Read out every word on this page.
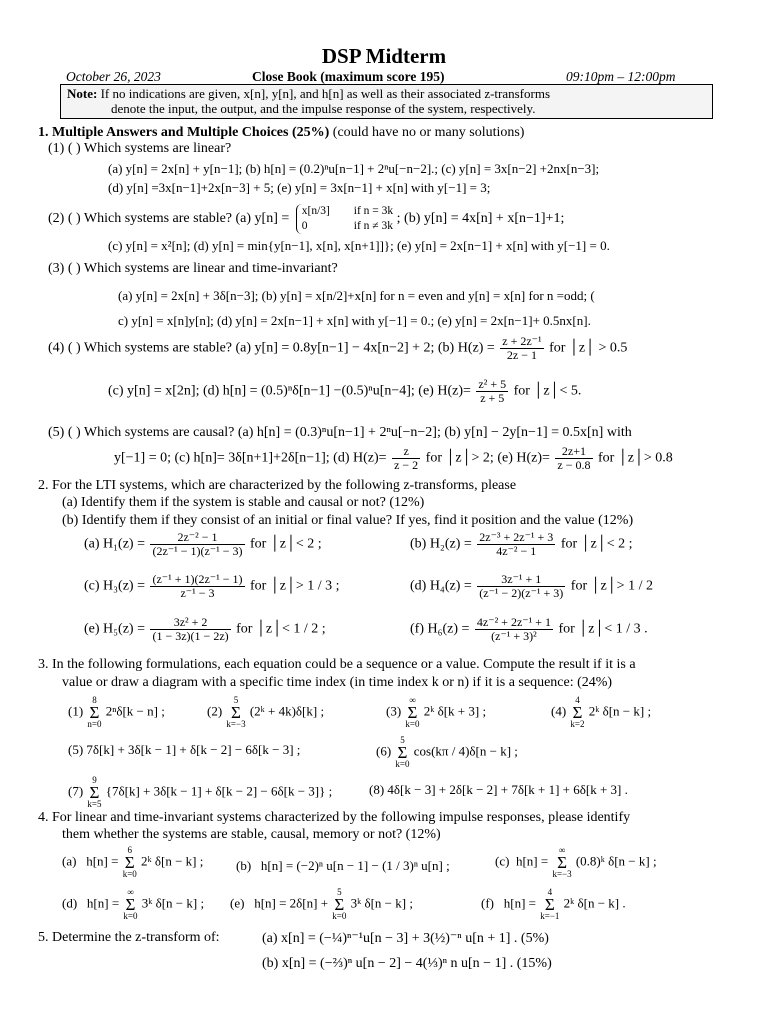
DSP Midterm
October 26, 2023	Close Book (maximum score 195)	09:10pm – 12:00pm
Note: If no indications are given, x[n], y[n], and h[n] as well as their associated z-transforms
denote the input, the output, and the impulse response of the system, respectively.
1. Multiple Answers and Multiple Choices (25%) (could have no or many solutions)
(1) ( ) Which systems are linear?
(a) y[n] = 2x[n] + y[n−1]; (b) h[n] = (0.2)ⁿu[n−1] + 2ⁿu[−n−2].; (c) y[n] = 3x[n−2] +2nx[n−3];
(d) y[n] =3x[n−1]+2x[n−3] + 5; (e) y[n] = 3x[n−1] + x[n] with y[−1] = 3;
(2) ( ) Which systems are stable? (a) y[n] = x[n/3] if n = 3k
0	if n ≠ 3k ; (b) y[n] = 4x[n] + x[n−1]+1;
(c) y[n] = x²[n]; (d) y[n] = min{y[n−1], x[n], x[n+1]]}; (e) y[n] = 2x[n−1] + x[n] with y[−1] = 0.
(3) ( ) Which systems are linear and time-invariant?
(a) y[n] = 2x[n] + 3δ[n−3]; (b) y[n] = x[n/2]+x[n] for n = even and y[n] = x[n] for n =odd; (
c) y[n] = x[n]y[n]; (d) y[n] = 2x[n−1] + x[n] with y[−1] = 0.; (e) y[n] = 2x[n−1]+ 0.5nx[n].
(4) ( ) Which systems are stable? (a) y[n] = 0.8y[n−1] − 4x[n−2] + 2; (b) $H(z) = \frac{\text{z + 2z⁻¹}}{2z - 1}$ for │z│ > 0.5
(c) y[n] = x[2n]; (d) h[n] = (0.5)ⁿδ[n−1] −(0.5)ⁿu[n−4]; (e) $H(z)= \frac{\text{z² + 5}}{z + 5}$ for │z│< 5.
(5) ( ) Which systems are causal? (a) h[n] = (0.3)ⁿu[n−1] + 2ⁿu[−n−2]; (b) y[n] − 2y[n−1] = 0.5x[n] with
y[−1] = 0; (c) h[n]= 3δ[n+1]+2δ[n−1]; (d) $H(z)= \frac{z}{z - 2}$ for │z│> 2; (e) $H(z)= \frac{2z+1}{z - 0.8}$ for │z│> 0.8
2. For the LTI systems, which are characterized by the following z-transforms, please
(a) Identify them if the system is stable and causal or not? (12%)
(b) Identify them if they consist of an initial or final value? If yes, find it position and the value (12%)
(a) $H_1(z) = \frac{\text{2z⁻² − 1}}{\text{(2z⁻¹ − 1)(z⁻¹ − 3)}}$ for │z│< 2 ;	(b) $H_2(z) = \frac{\text{2z⁻³ + 2z⁻¹ + 3}}{\text{4z⁻² − 1}}$ for │z│< 2 ;
(c) $H_3(z) = \frac{\text{(z⁻¹ + 1)(2z⁻¹ − 1)}}{\text{z⁻¹ − 3}}$ for │z│> 1 / 3 ;	(d) $H_4(z) = \frac{\text{3z⁻¹ + 1}}{\text{(z⁻¹ − 2)(z⁻¹ + 3)}}$ for │z│> 1 / 2
(e) $H_5(z) = \frac{\text{3z² + 2}}{(1 - 3z)(1 - 2z)}$ for │z│< 1 / 2 ;	(f) $H_6(z) = \frac{\text{4z⁻² + 2z⁻¹ + 1}}{\text{(z⁻¹ + 3)²}}$ for │z│< 1 / 3 .
3. In the following formulations, each equation could be a sequence or a value. Compute the result if it is a
value or draw a diagram with a specific time index (in time index k or n) if it is a sequence: (24%)
(1) 8
Σ
n=0 2ⁿδ[k − n] ;	(2) 5
Σ
k=−3 (2ᵏ + 4k)δ[k] ;	(3) ∞
Σ
k=0 2ᵏ δ[k + 3] ;	(4) 4
Σ
k=2 2ᵏ δ[n − k] ;
(5) 7δ[k] + 3δ[k − 1] + δ[k − 2] − 6δ[k − 3] ;	(6) 5
Σ
k=0 cos(kπ / 4)δ[n − k] ;
(7) 9
Σ
k=5 {7δ[k] + 3δ[k − 1] + δ[k − 2] − 6δ[k − 3]} ;	(8) 4δ[k − 3] + 2δ[k − 2] + 7δ[k + 1] + 6δ[k + 3] .
4. For linear and time-invariant systems characterized by the following impulse responses, please identify
them whether the systems are stable, causal, memory or not? (12%)
(a) h[n] = 6
Σ
k=0 2ᵏ δ[n − k] ;	(b) h[n] = (−2)ⁿ u[n − 1] − (1 / 3)ⁿ u[n] ;	(c) h[n] = ∞
Σ
k=−3 (0.8)ᵏ δ[n − k] ;
(d) h[n] = ∞
Σ
k=0 3ᵏ δ[n − k] ; (e) h[n] = 2δ[n] + 5
Σ
k=0 3ᵏ δ[n − k] ;	(f) h[n] = 4
Σ
k=−1 2ᵏ δ[n − k] .
5. Determine the z-transform of:	(a) x[n] = (−¼)ⁿ⁻¹u[n − 3] + 3(½)⁻ⁿ u[n + 1] . (5%)
(b) x[n] = (−⅔)ⁿ u[n − 2] − 4(⅓)ⁿ n u[n − 1] . (15%)
